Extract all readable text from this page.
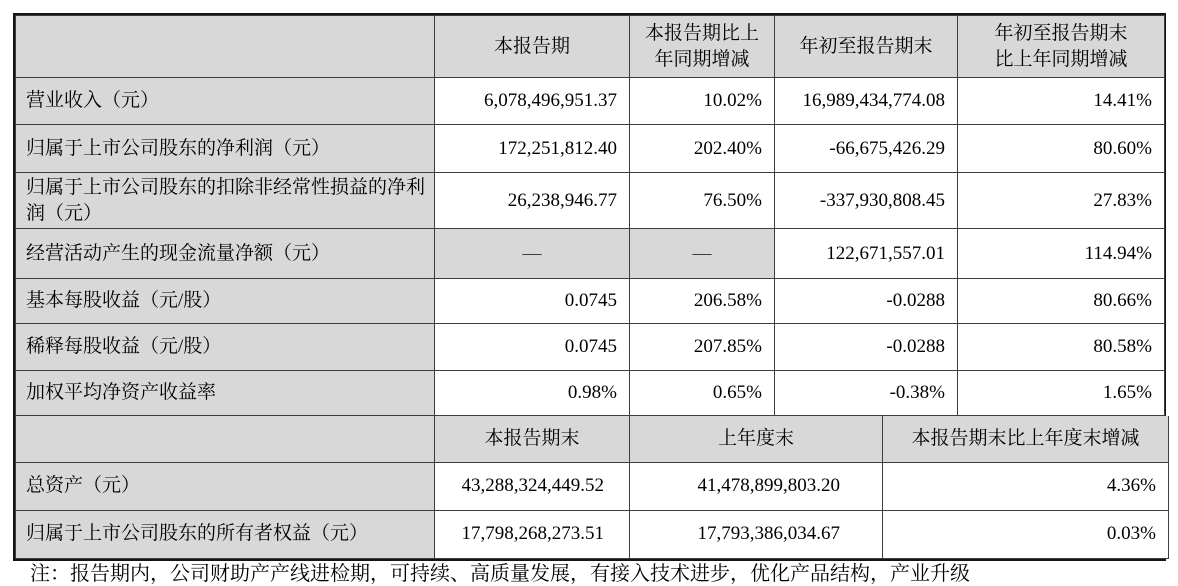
	本报告期	本报告期比上年同期增减	年初至报告期末	年初至报告期末比上年同期增减
营业收入（元）	6,078,496,951.37	10.02%	16,989,434,774.08	14.41%
归属于上市公司股东的净利润（元）	172,251,812.40	202.40%	-66,675,426.29	80.60%
归属于上市公司股东的扣除非经常性损益的净利润（元）	26,238,946.77	76.50%	-337,930,808.45	27.83%
经营活动产生的现金流量净额（元）	—	—	122,671,557.01	114.94%
基本每股收益（元/股）	0.0745	206.58%	-0.0288	80.66%
稀释每股收益（元/股）	0.0745	207.85%	-0.0288	80.58%
加权平均净资产收益率	0.98%	0.65%	-0.38%	1.65%
	本报告期末	上年度末	本报告期末比上年度末增减
总资产（元）	43,288,324,449.52	41,478,899,803.20	4.36%
归属于上市公司股东的所有者权益（元）	17,798,268,273.51	17,793,386,034.67	0.03%
注：报告期内，公司财助产产线进检期，可持续、高质量发展，有接入技术进步，优化产品结构，产业升级
